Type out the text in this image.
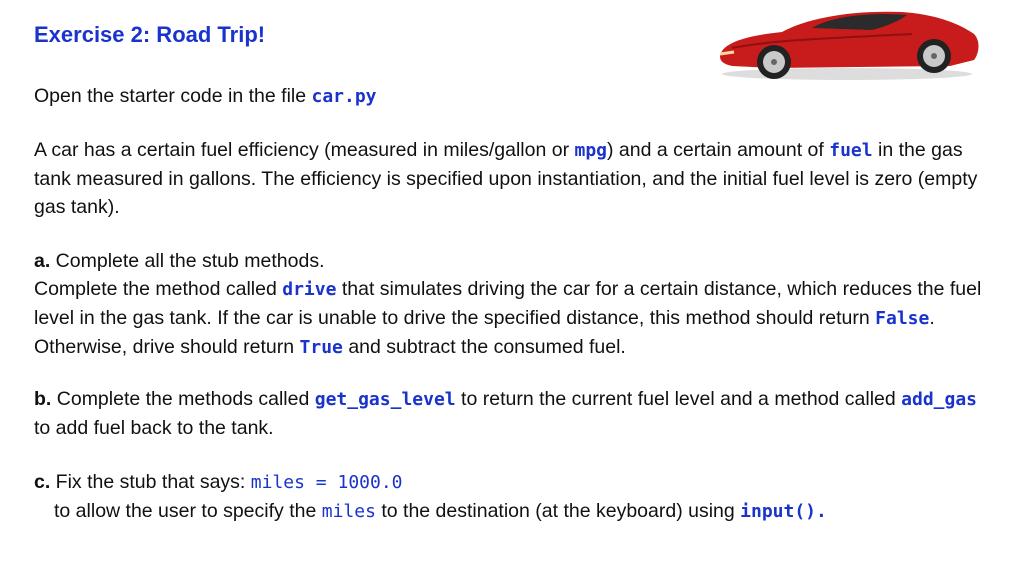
Exercise 2: Road Trip!

Open the starter code in the file car.py

A car has a certain fuel efficiency (measured in miles/gallon or mpg) and a certain amount of fuel in the gas tank measured in gallons. The efficiency is specified upon instantiation, and the initial fuel level is zero (empty gas tank).

a. Complete all the stub methods.
Complete the method called drive that simulates driving the car for a certain distance, which reduces the fuel level in the gas tank. If the car is unable to drive the specified distance, this method should return False. Otherwise, drive should return True and subtract the consumed fuel.

b. Complete the methods called get_gas_level to return the current fuel level and a method called add_gas to add fuel back to the tank.

c. Fix the stub that says: miles = 1000.0
to allow the user to specify the miles to the destination (at the keyboard) using input().
